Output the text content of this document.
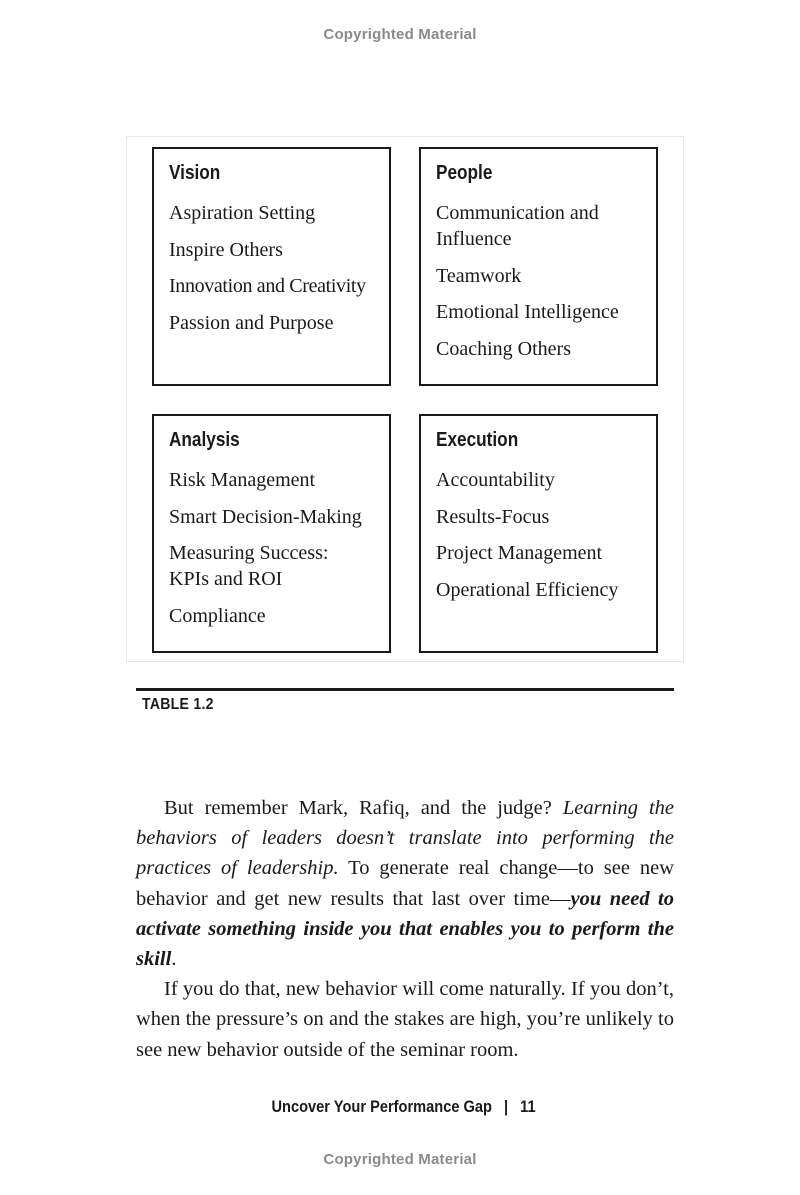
Copyrighted Material
Vision
Aspiration Setting
Inspire Others
Innovation and Creativity
Passion and Purpose
People
Communication and
Influence
Teamwork
Emotional Intelligence
Coaching Others
Analysis
Risk Management
Smart Decision-Making
Measuring Success:
KPIs and ROI
Compliance
Execution
Accountability
Results-Focus
Project Management
Operational Efficiency
TABLE 1.2

But remember Mark, Rafiq, and the judge? Learning the behaviors of leaders doesn’t translate into performing the practices of leadership. To generate real change—to see new behavior and get new results that last over time—you need to activate something inside you that enables you to perform the skill.

If you do that, new behavior will come naturally. If you don’t, when the pressure’s on and the stakes are high, you’re unlikely to see new behavior outside of the seminar room.

Uncover Your Performance Gap | 11
Copyrighted Material
